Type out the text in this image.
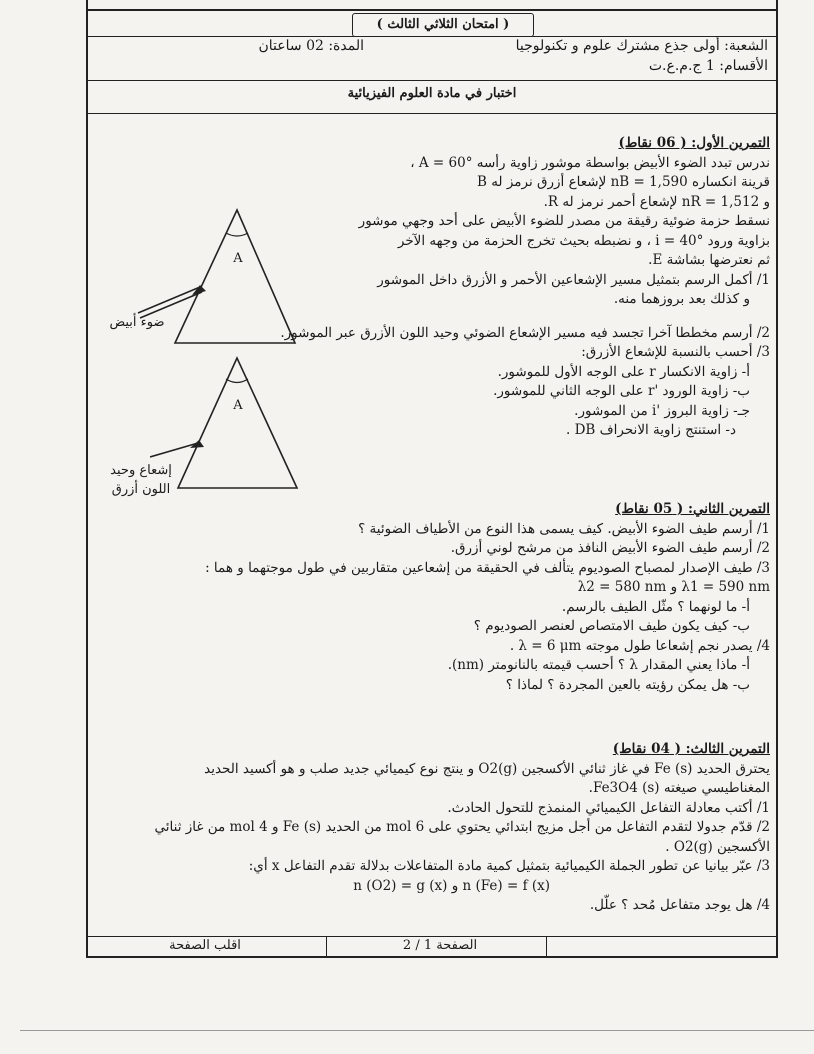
( امتحان الثلاثي الثالث )
الشعبة: أولى جذع مشترك علوم و تكنولوجيا
المدة: 02 ساعتان
الأقسام: 1 ج.م.ع.ت
اختبار في مادة العلوم الفيزيائية
التمرين الأول: ( 06 نقاط)
ندرس تبدد الضوء الأبيض بواسطة موشور زاوية رأسه A = 60° ،
قرينة انكساره nB = 1,590 لإشعاع أزرق نرمز له B
و nR = 1,512 لإشعاع أحمر نرمز له R.
نسقط حزمة ضوئية رقيقة من مصدر للضوء الأبيض على أحد وجهي موشور
بزاوية ورود i = 40° ، و نضبطه بحيث تخرج الحزمة من وجهه الآخر
ثم نعترضها بشاشة E.
1/ أكمل الرسم بتمثيل مسير الإشعاعين الأحمر و الأزرق داخل الموشور
و كذلك بعد بروزهما منه.
2/ أرسم مخططا آخرا تجسد فيه مسير الإشعاع الضوئي وحيد اللون الأزرق عبر الموشور.
3/ أحسب بالنسبة للإشعاع الأزرق:
أ- زاوية الانكسار r على الوجه الأول للموشور.
ب- زاوية الورود 'r على الوجه الثاني للموشور.
جـ- زاوية البروز 'i من الموشور.
د- استنتج زاوية الانحراف DB .
A
ضوء أبيض
A
إشعاع وحيد
اللون أزرق
التمرين الثاني: ( 05 نقاط)
1/ أرسم طيف الضوء الأبيض. كيف يسمى هذا النوع من الأطياف الضوئية ؟
2/ أرسم طيف الضوء الأبيض النافذ من مرشح لوني أزرق.
3/ طيف الإصدار لمصباح الصوديوم يتألف في الحقيقة من إشعاعين متقاربين في طول موجتهما و هما :
λ1 = 590 nm و λ2 = 580 nm
أ- ما لونهما ؟ مثّل الطيف بالرسم.
ب- كيف يكون طيف الامتصاص لعنصر الصوديوم ؟
4/ يصدر نجم إشعاعا طول موجته λ = 6 μm .
أ- ماذا يعني المقدار λ ؟ أحسب قيمته بالنانومتر (nm).
ب- هل يمكن رؤيته بالعين المجردة ؟ لماذا ؟
التمرين الثالث: ( 04 نقاط)
يحترق الحديد Fe (s) في غاز ثنائي الأكسجين O2(g) و ينتج نوع كيميائي جديد صلب و هو أكسيد الحديد
المغناطيسي صيغته Fe3O4 (s).
1/ أكتب معادلة التفاعل الكيميائي المنمذج للتحول الحادث.
2/ قدّم جدولا لتقدم التفاعل من أجل مزيج ابتدائي يحتوي على 6 mol من الحديد Fe (s) و 4 mol من غاز ثنائي
الأكسجين O2(g) .
3/ عبّر بيانيا عن تطور الجملة الكيميائية بتمثيل كمية مادة المتفاعلات بدلالة تقدم التفاعل x أي:
n (Fe) = f (x) و n (O2) = g (x)
4/ هل يوجد متفاعل مُحد ؟ علّل.
الصفحة 1 / 2
اقلب الصفحة
